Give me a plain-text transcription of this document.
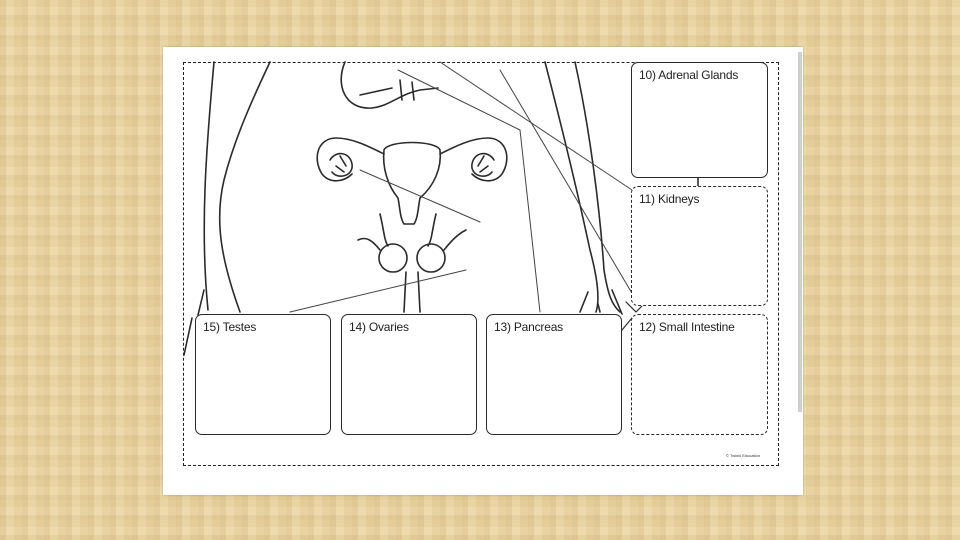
10) Adrenal Glands
11) Kidneys
12) Small Intestine
13) Pancreas
14) Ovaries
15) Testes
© Twinkl Education
